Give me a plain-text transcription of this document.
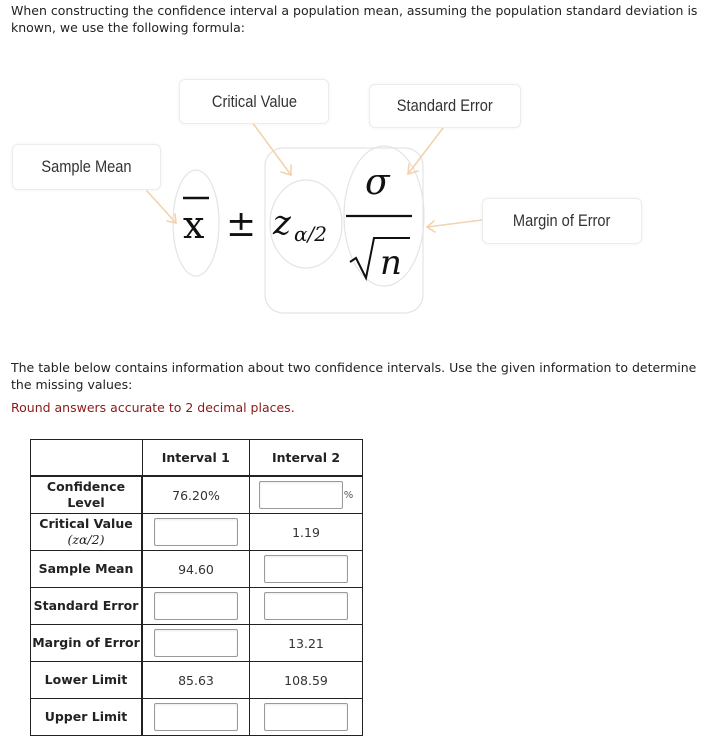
When constructing the confidence interval a population mean, assuming the population standard deviation is known, we use the following formula:

x ± z α/2
σ
n
Critical Value	Standard Error
Sample Mean
Margin of Error

The table below contains information about two confidence intervals. Use the given information to determine the missing values:

Round answers accurate to 2 decimal places.

	Interval 1	Interval 2
Confidence Level	76.20%	%

Critical Value
(zα/2)		1.19
Sample Mean	94.60	
Standard Error		
Margin of Error		13.21
Lower Limit	85.63	108.59
Upper Limit		
